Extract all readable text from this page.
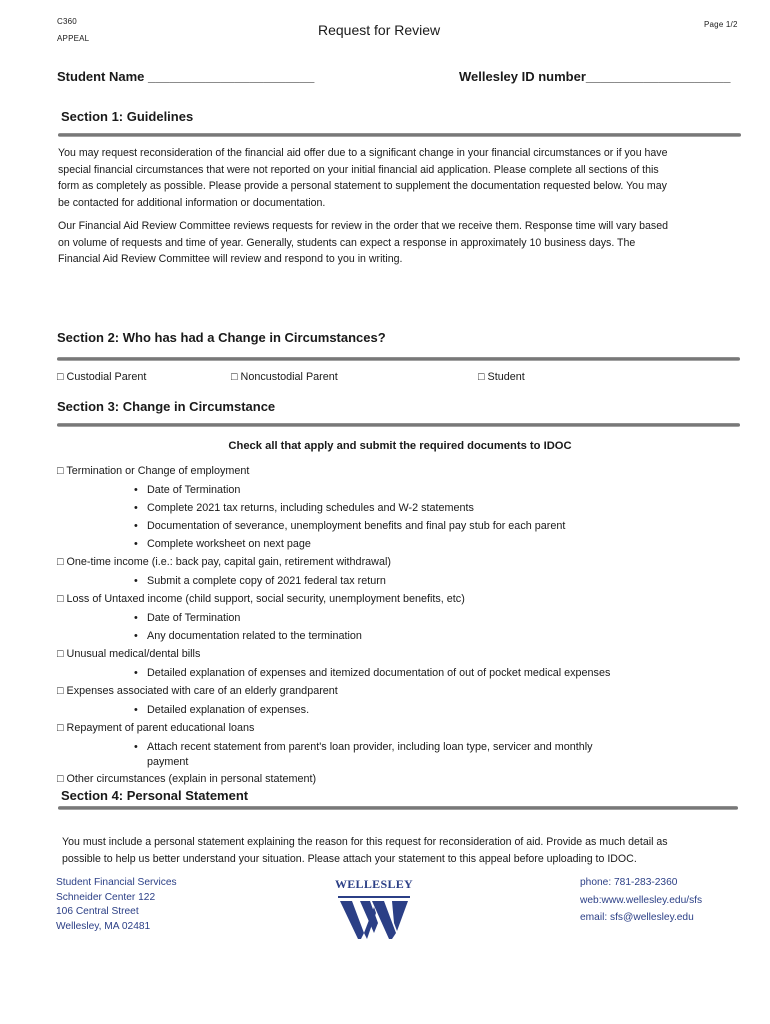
C360
APPEAL
Request for Review	Page 1/2
Student Name _______________________	Wellesley ID number____________________
Section 1: Guidelines
You may request reconsideration of the financial aid offer due to a significant change in your financial circumstances or if you have
special financial circumstances that were not reported on your initial financial aid application. Please complete all sections of this
form as completely as possible. Please provide a personal statement to supplement the documentation requested below. You may
be contacted for additional information or documentation.
Our Financial Aid Review Committee reviews requests for review in the order that we receive them. Response time will vary based
on volume of requests and time of year. Generally, students can expect a response in approximately 10 business days. The
Financial Aid Review Committee will review and respond to you in writing.
Section 2: Who has had a Change in Circumstances?
□ Custodial Parent	□ Noncustodial Parent	□ Student
Section 3: Change in Circumstance
Check all that apply and submit the required documents to IDOC
□ Termination or Change of employment
• Date of Termination
• Complete 2021 tax returns, including schedules and W-2 statements
• Documentation of severance, unemployment benefits and final pay stub for each parent
• Complete worksheet on next page
□ One-time income (i.e.: back pay, capital gain, retirement withdrawal)
• Submit a complete copy of 2021 federal tax return
□ Loss of Untaxed income (child support, social security, unemployment benefits, etc)
• Date of Termination
• Any documentation related to the termination
□ Unusual medical/dental bills
• Detailed explanation of expenses and itemized documentation of out of pocket medical expenses
□ Expenses associated with care of an elderly grandparent
• Detailed explanation of expenses.
□ Repayment of parent educational loans
• Attach recent statement from parent's loan provider, including loan type, servicer and monthly
payment
□ Other circumstances (explain in personal statement)
Section 4: Personal Statement
You must include a personal statement explaining the reason for this request for reconsideration of aid. Provide as much detail as
possible to help us better understand your situation. Please attach your statement to this appeal before uploading to IDOC.
Student Financial Services
Schneider Center 122
106 Central Street
Wellesley, MA 02481
WELLESLEY	phone: 781-283-2360
web:www.wellesley.edu/sfs
email: sfs@wellesley.edu
